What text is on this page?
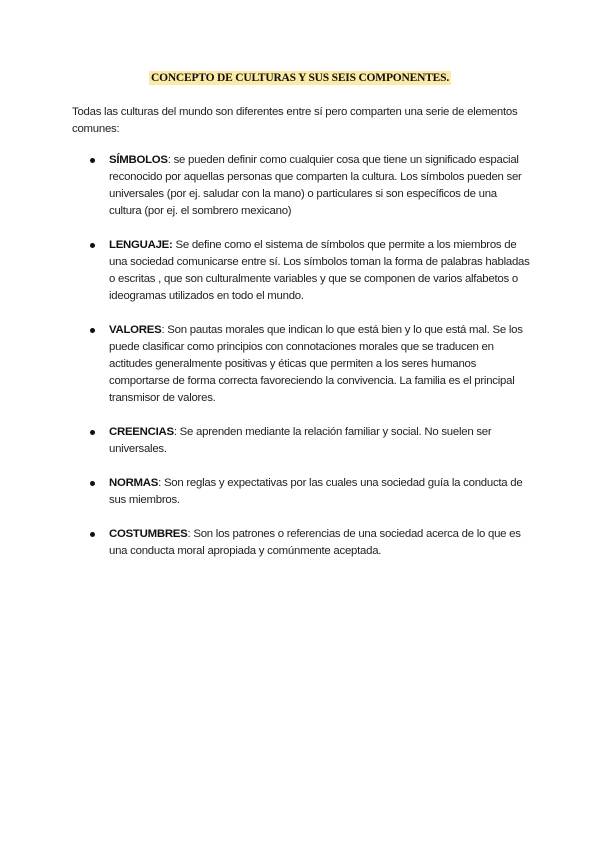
CONCEPTO DE CULTURAS Y SUS SEIS COMPONENTES.

Todas las culturas del mundo son diferentes entre sí pero comparten una serie de elementos comunes:

SÍMBOLOS: se pueden definir como cualquier cosa que tiene un significado espacial reconocido por aquellas personas que comparten la cultura. Los símbolos pueden ser universales (por ej. saludar con la mano) o particulares si son específicos de una cultura (por ej. el sombrero mexicano)
LENGUAJE: Se define como el sistema de símbolos que permite a los miembros de una sociedad comunicarse entre sí. Los símbolos toman la forma de palabras habladas o escritas , que son culturalmente variables y que se componen de varios alfabetos o ideogramas utilizados en todo el mundo.
VALORES: Son pautas morales que indican lo que está bien y lo que está mal. Se los puede clasificar como principios con connotaciones morales que se traducen en actitudes generalmente positivas y éticas que permiten a los seres humanos comportarse de forma correcta favoreciendo la convivencia. La familia es el principal transmisor de valores.
CREENCIAS: Se aprenden mediante la relación familiar y social. No suelen ser universales.
NORMAS: Son reglas y expectativas por las cuales una sociedad guía la conducta de sus miembros.
COSTUMBRES: Son los patrones o referencias de una sociedad acerca de lo que es una conducta moral apropiada y comúnmente aceptada.
